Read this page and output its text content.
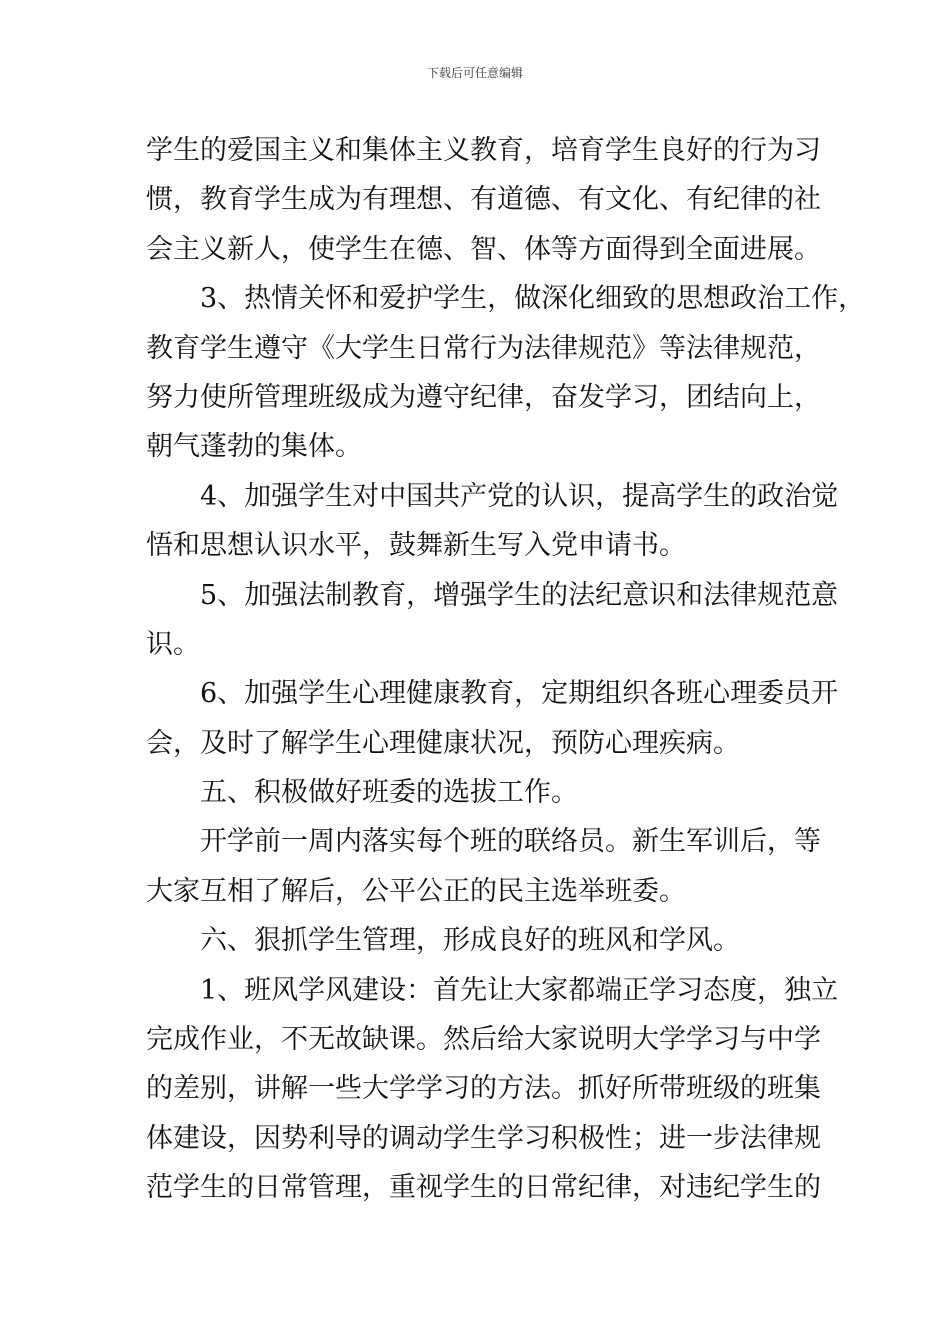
下载后可任意编辑
学生的爱国主义和集体主义教育，培育学生良好的行为习
惯，教育学生成为有理想、有道德、有文化、有纪律的社
会主义新人，使学生在德、智、体等方面得到全面进展。
3、热情关怀和爱护学生，做深化细致的思想政治工作，
教育学生遵守《大学生日常行为法律规范》等法律规范，
努力使所管理班级成为遵守纪律，奋发学习，团结向上，
朝气蓬勃的集体。
4、加强学生对中国共产党的认识，提高学生的政治觉
悟和思想认识水平，鼓舞新生写入党申请书。
5、加强法制教育，增强学生的法纪意识和法律规范意
识。
6、加强学生心理健康教育，定期组织各班心理委员开
会，及时了解学生心理健康状况，预防心理疾病。
五、积极做好班委的选拔工作。
开学前一周内落实每个班的联络员。新生军训后，等
大家互相了解后，公平公正的民主选举班委。
六、狠抓学生管理，形成良好的班风和学风。
1、班风学风建设：首先让大家都端正学习态度，独立
完成作业，不无故缺课。然后给大家说明大学学习与中学
的差别，讲解一些大学学习的方法。抓好所带班级的班集
体建设，因势利导的调动学生学习积极性；进一步法律规
范学生的日常管理，重视学生的日常纪律，对违纪学生的
